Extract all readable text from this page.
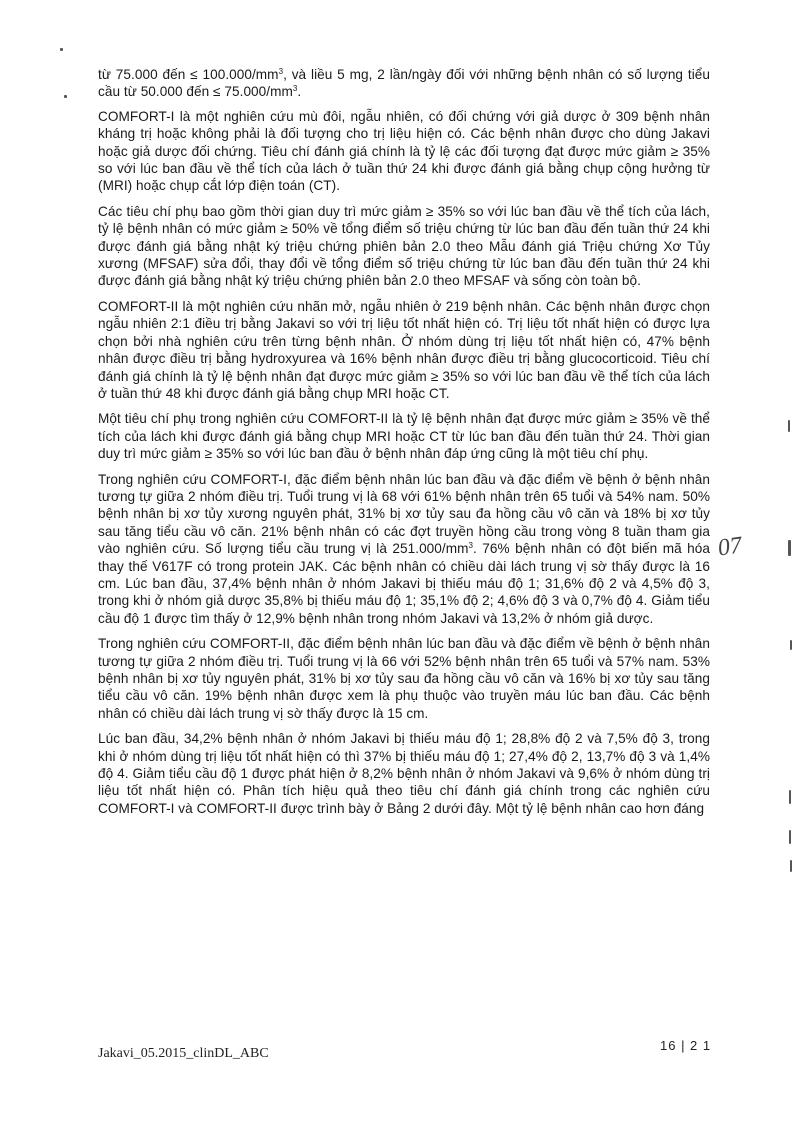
từ 75.000 đến ≤ $100.000/mm^3$, và liều 5 mg, 2 lần/ngày đối với những bệnh nhân có số lượng tiểu cầu từ 50.000 đến ≤ $75.000/mm^3$.

COMFORT-I là một nghiên cứu mù đôi, ngẫu nhiên, có đối chứng với giả dược ở 309 bệnh nhân kháng trị hoặc không phải là đối tượng cho trị liệu hiện có. Các bệnh nhân được cho dùng Jakavi hoặc giả dược đối chứng. Tiêu chí đánh giá chính là tỷ lệ các đối tượng đạt được mức giảm ≥ 35% so với lúc ban đầu về thể tích của lách ở tuần thứ 24 khi được đánh giá bằng chụp cộng hưởng từ (MRI) hoặc chụp cắt lớp điện toán (CT).

Các tiêu chí phụ bao gồm thời gian duy trì mức giảm ≥ 35% so với lúc ban đầu về thể tích của lách, tỷ lệ bệnh nhân có mức giảm ≥ 50% về tổng điểm số triệu chứng từ lúc ban đầu đến tuần thứ 24 khi được đánh giá bằng nhật ký triệu chứng phiên bản 2.0 theo Mẫu đánh giá Triệu chứng Xơ Tủy xương (MFSAF) sửa đổi, thay đổi về tổng điểm số triệu chứng từ lúc ban đầu đến tuần thứ 24 khi được đánh giá bằng nhật ký triệu chứng phiên bản 2.0 theo MFSAF và sống còn toàn bộ.

COMFORT-II là một nghiên cứu nhãn mở, ngẫu nhiên ở 219 bệnh nhân. Các bệnh nhân được chọn ngẫu nhiên 2:1 điều trị bằng Jakavi so với trị liệu tốt nhất hiện có. Trị liệu tốt nhất hiện có được lựa chọn bởi nhà nghiên cứu trên từng bệnh nhân. Ở nhóm dùng trị liệu tốt nhất hiện có, 47% bệnh nhân được điều trị bằng hydroxyurea và 16% bệnh nhân được điều trị bằng glucocorticoid. Tiêu chí đánh giá chính là tỷ lệ bệnh nhân đạt được mức giảm ≥ 35% so với lúc ban đầu về thể tích của lách ở tuần thứ 48 khi được đánh giá bằng chụp MRI hoặc CT.

Một tiêu chí phụ trong nghiên cứu COMFORT-II là tỷ lệ bệnh nhân đạt được mức giảm ≥ 35% về thể tích của lách khi được đánh giá bằng chụp MRI hoặc CT từ lúc ban đầu đến tuần thứ 24. Thời gian duy trì mức giảm ≥ 35% so với lúc ban đầu ở bệnh nhân đáp ứng cũng là một tiêu chí phụ.

Trong nghiên cứu COMFORT-I, đặc điểm bệnh nhân lúc ban đầu và đặc điểm về bệnh ở bệnh nhân tương tự giữa 2 nhóm điều trị. Tuổi trung vị là 68 với 61% bệnh nhân trên 65 tuổi và 54% nam. 50% bệnh nhân bị xơ tủy xương nguyên phát, 31% bị xơ tủy sau đa hồng cầu vô căn và 18% bị xơ tủy sau tăng tiểu cầu vô căn. 21% bệnh nhân có các đợt truyền hồng cầu trong vòng 8 tuần tham gia vào nghiên cứu. Số lượng tiểu cầu trung vị là $251.000/mm^3$. 76% bệnh nhân có đột biến mã hóa thay thế V617F có trong protein JAK. Các bệnh nhân có chiều dài lách trung vị sờ thấy được là 16 cm. Lúc ban đầu, 37,4% bệnh nhân ở nhóm Jakavi bị thiếu máu độ 1; 31,6% độ 2 và 4,5% độ 3, trong khi ở nhóm giả dược 35,8% bị thiếu máu độ 1; 35,1% độ 2; 4,6% độ 3 và 0,7% độ 4. Giảm tiểu cầu độ 1 được tìm thấy ở 12,9% bệnh nhân trong nhóm Jakavi và 13,2% ở nhóm giả dược.

Trong nghiên cứu COMFORT-II, đặc điểm bệnh nhân lúc ban đầu và đặc điểm về bệnh ở bệnh nhân tương tự giữa 2 nhóm điều trị. Tuổi trung vị là 66 với 52% bệnh nhân trên 65 tuổi và 57% nam. 53% bệnh nhân bị xơ tủy nguyên phát, 31% bị xơ tủy sau đa hồng cầu vô căn và 16% bị xơ tủy sau tăng tiểu cầu vô căn. 19% bệnh nhân được xem là phụ thuộc vào truyền máu lúc ban đầu. Các bệnh nhân có chiều dài lách trung vị sờ thấy được là 15 cm.

Lúc ban đầu, 34,2% bệnh nhân ở nhóm Jakavi bị thiếu máu độ 1; 28,8% độ 2 và 7,5% độ 3, trong khi ở nhóm dùng trị liệu tốt nhất hiện có thì 37% bị thiếu máu độ 1; 27,4% độ 2, 13,7% độ 3 và 1,4% độ 4. Giảm tiểu cầu độ 1 được phát hiện ở 8,2% bệnh nhân ở nhóm Jakavi và 9,6% ở nhóm dùng trị liệu tốt nhất hiện có. Phân tích hiệu quả theo tiêu chí đánh giá chính trong các nghiên cứu COMFORT-I và COMFORT-II được trình bày ở Bảng 2 dưới đây. Một tỷ lệ bệnh nhân cao hơn đáng

07
Jakavi_05.2015_clinDL_ABC
16 | 2 1
